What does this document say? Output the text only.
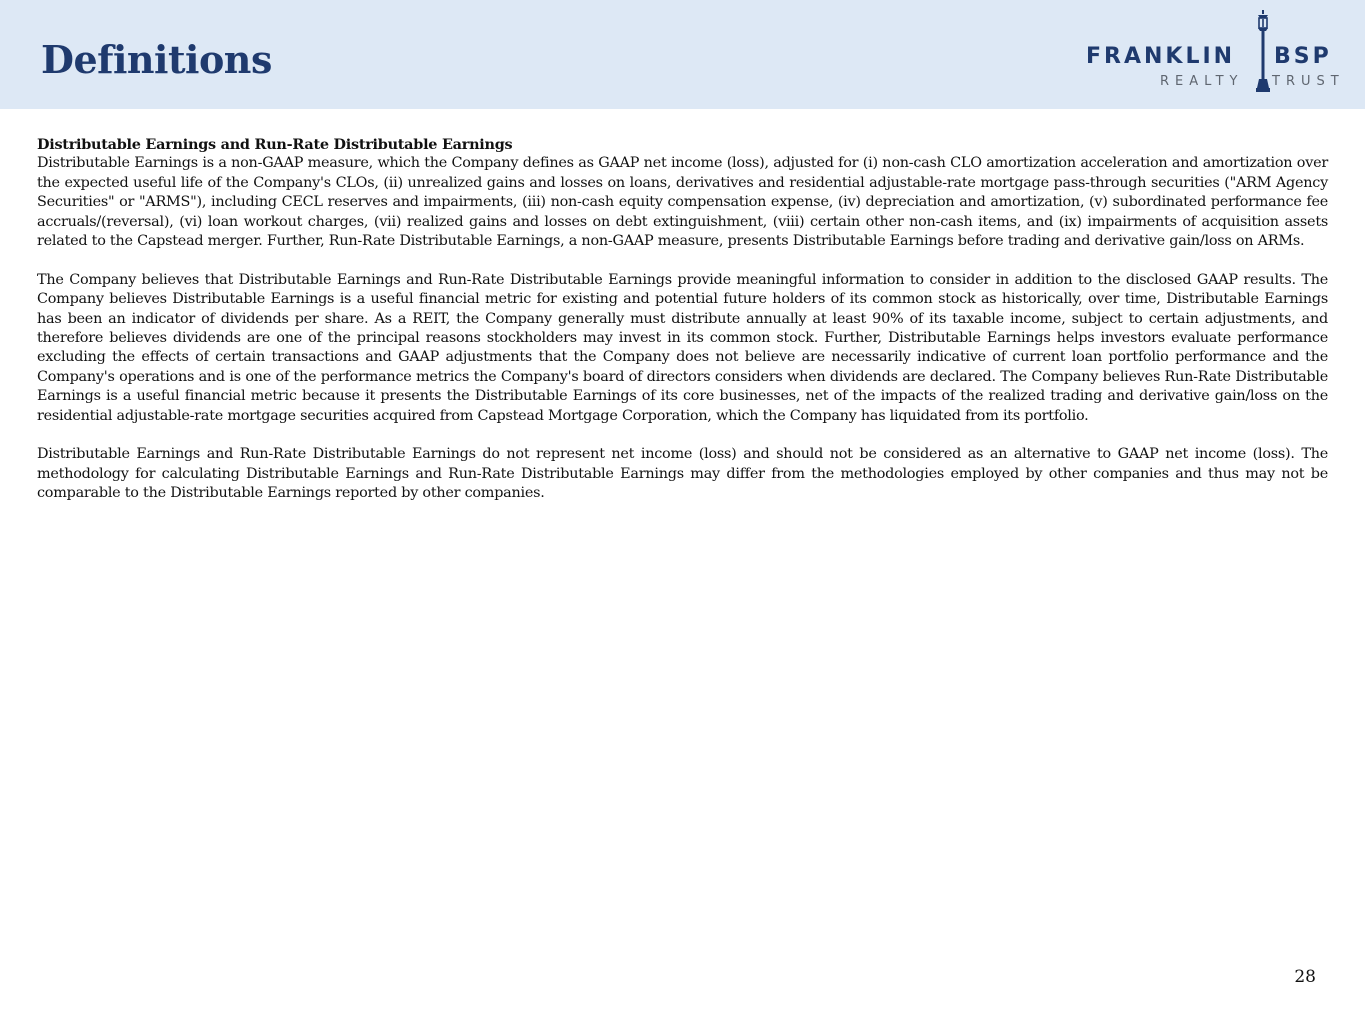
Definitions	FRANKLIN BSP
REALTY TRUST

Distributable Earnings and Run-Rate Distributable Earnings

Distributable Earnings is a non-GAAP measure, which the Company defines as GAAP net income (loss), adjusted for (i) non-cash CLO amortization acceleration and amortization over the expected useful life of the Company's CLOs, (ii) unrealized gains and losses on loans, derivatives and residential adjustable-rate mortgage pass-through securities ("ARM Agency Securities" or "ARMS"), including CECL reserves and impairments, (iii) non-cash equity compensation expense, (iv) depreciation and amortization, (v) subordinated performance fee accruals/(reversal), (vi) loan workout charges, (vii) realized gains and losses on debt extinguishment, (viii) certain other non-cash items, and (ix) impairments of acquisition assets related to the Capstead merger. Further, Run-Rate Distributable Earnings, a non-GAAP measure, presents Distributable Earnings before trading and derivative gain/loss on ARMs.

The Company believes that Distributable Earnings and Run-Rate Distributable Earnings provide meaningful information to consider in addition to the disclosed GAAP results. The Company believes Distributable Earnings is a useful financial metric for existing and potential future holders of its common stock as historically, over time, Distributable Earnings has been an indicator of dividends per share. As a REIT, the Company generally must distribute annually at least 90% of its taxable income, subject to certain adjustments, and therefore believes dividends are one of the principal reasons stockholders may invest in its common stock. Further, Distributable Earnings helps investors evaluate performance excluding the effects of certain transactions and GAAP adjustments that the Company does not believe are necessarily indicative of current loan portfolio performance and the Company's operations and is one of the performance metrics the Company's board of directors considers when dividends are declared. The Company believes Run-Rate Distributable Earnings is a useful financial metric because it presents the Distributable Earnings of its core businesses, net of the impacts of the realized trading and derivative gain/loss on the residential adjustable-rate mortgage securities acquired from Capstead Mortgage Corporation, which the Company has liquidated from its portfolio.

Distributable Earnings and Run-Rate Distributable Earnings do not represent net income (loss) and should not be considered as an alternative to GAAP net income (loss). The methodology for calculating Distributable Earnings and Run-Rate Distributable Earnings may differ from the methodologies employed by other companies and thus may not be comparable to the Distributable Earnings reported by other companies.

28
